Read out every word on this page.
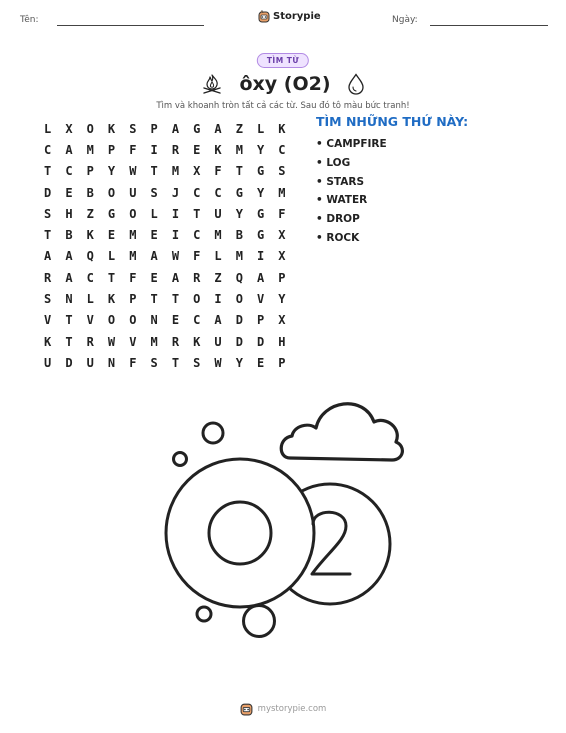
Tên:	Storypie	Ngày:
TÌM TỪ
ôxy (O2)
Tìm và khoanh tròn tất cả các từ. Sau đó tô màu bức tranh!
L	X	O	K	S	P	A	G	A	Z	L	K
C	A	M	P	F	I	R	E	K	M	Y	C
T	C	P	Y	W	T	M	X	F	T	G	S
D	E	B	O	U	S	J	C	C	G	Y	M
S	H	Z	G	O	L	I	T	U	Y	G	F
T	B	K	E	M	E	I	C	M	B	G	X
A	A	Q	L	M	A	W	F	L	M	I	X
R	A	C	T	F	E	A	R	Z	Q	A	P
S	N	L	K	P	T	T	O	I	O	V	Y
V	T	V	O	O	N	E	C	A	D	P	X
K	T	R	W	V	M	R	K	U	D	D	H
U	D	U	N	F	S	T	S	W	Y	E	P
TÌM NHỮNG THỨ NÀY:
• CAMPFIRE
• LOG
• STARS
• WATER
• DROP
• ROCK
mystorypie.com
